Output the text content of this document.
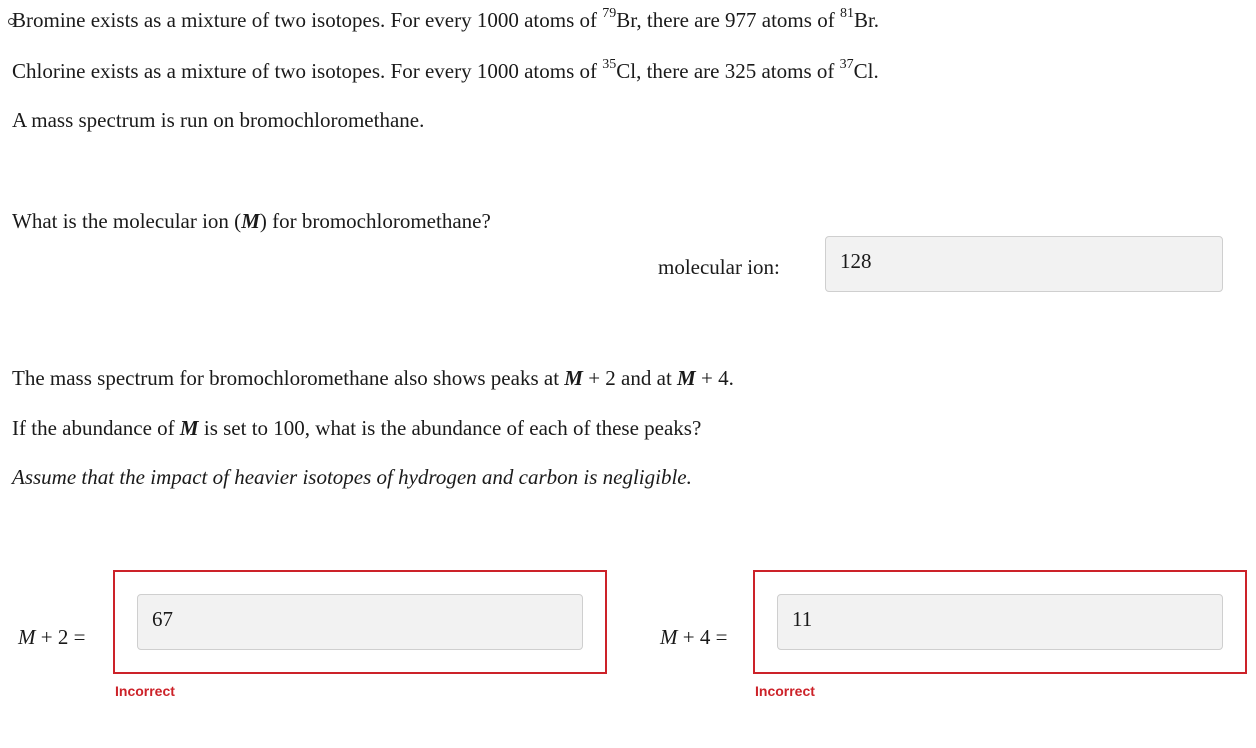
Bromine exists as a mixture of two isotopes. For every 1000 atoms of $^{79}$Br, there are 977 atoms of $^{81}$Br.
Chlorine exists as a mixture of two isotopes. For every 1000 atoms of $^{35}$Cl, there are 325 atoms of $^{37}$Cl.
A mass spectrum is run on bromochloromethane.
What is the molecular ion (M) for bromochloromethane?
molecular ion:	128
The mass spectrum for bromochloromethane also shows peaks at M + 2 and at M + 4.
If the abundance of M is set to 100, what is the abundance of each of these peaks?
Assume that the impact of heavier isotopes of hydrogen and carbon is negligible.
M + 2 =
67
Incorrect
M + 4 =
11
Incorrect
